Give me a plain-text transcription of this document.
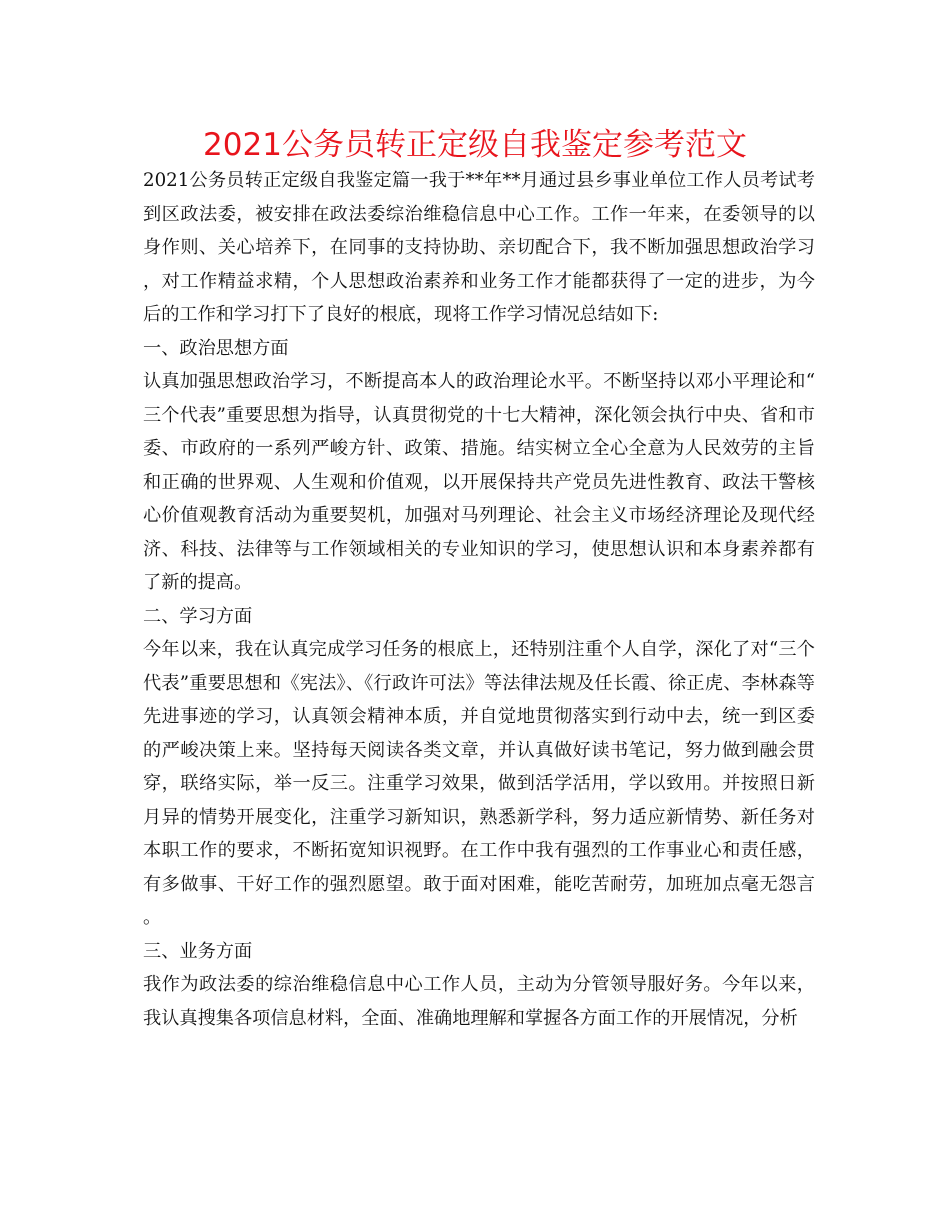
2021公务员转正定级自我鉴定参考范文

2021公务员转正定级自我鉴定篇一我于**年**月通过县乡事业单位工作人员考试考到区政法委，被安排在政法委综治维稳信息中心工作。工作一年来，在委领导的以身作则、关心培养下，在同事的支持协助、亲切配合下，我不断加强思想政治学习，对工作精益求精，个人思想政治素养和业务工作才能都获得了一定的进步，为今后的工作和学习打下了良好的根底，现将工作学习情况总结如下:

一、政治思想方面

认真加强思想政治学习，不断提高本人的政治理论水平。不断坚持以邓小平理论和“三个代表”重要思想为指导，认真贯彻党的十七大精神，深化领会执行中央、省和市委、市政府的一系列严峻方针、政策、措施。结实树立全心全意为人民效劳的主旨和正确的世界观、人生观和价值观，以开展保持共产党员先进性教育、政法干警核心价值观教育活动为重要契机，加强对马列理论、社会主义市场经济理论及现代经济、科技、法律等与工作领域相关的专业知识的学习，使思想认识和本身素养都有了新的提高。

二、学习方面

今年以来，我在认真完成学习任务的根底上，还特别注重个人自学，深化了对“三个代表”重要思想和《宪法》、《行政许可法》等法律法规及任长霞、徐正虎、李林森等先进事迹的学习，认真领会精神本质，并自觉地贯彻落实到行动中去，统一到区委的严峻决策上来。坚持每天阅读各类文章，并认真做好读书笔记，努力做到融会贯穿，联络实际，举一反三。注重学习效果，做到活学活用，学以致用。并按照日新月异的情势开展变化，注重学习新知识，熟悉新学科，努力适应新情势、新任务对本职工作的要求，不断拓宽知识视野。在工作中我有强烈的工作事业心和责任感，有多做事、干好工作的强烈愿望。敢于面对困难，能吃苦耐劳，加班加点毫无怨言。

三、业务方面

我作为政法委的综治维稳信息中心工作人员，主动为分管领导服好务。今年以来，我认真搜集各项信息材料，全面、准确地理解和掌握各方面工作的开展情况，分析
